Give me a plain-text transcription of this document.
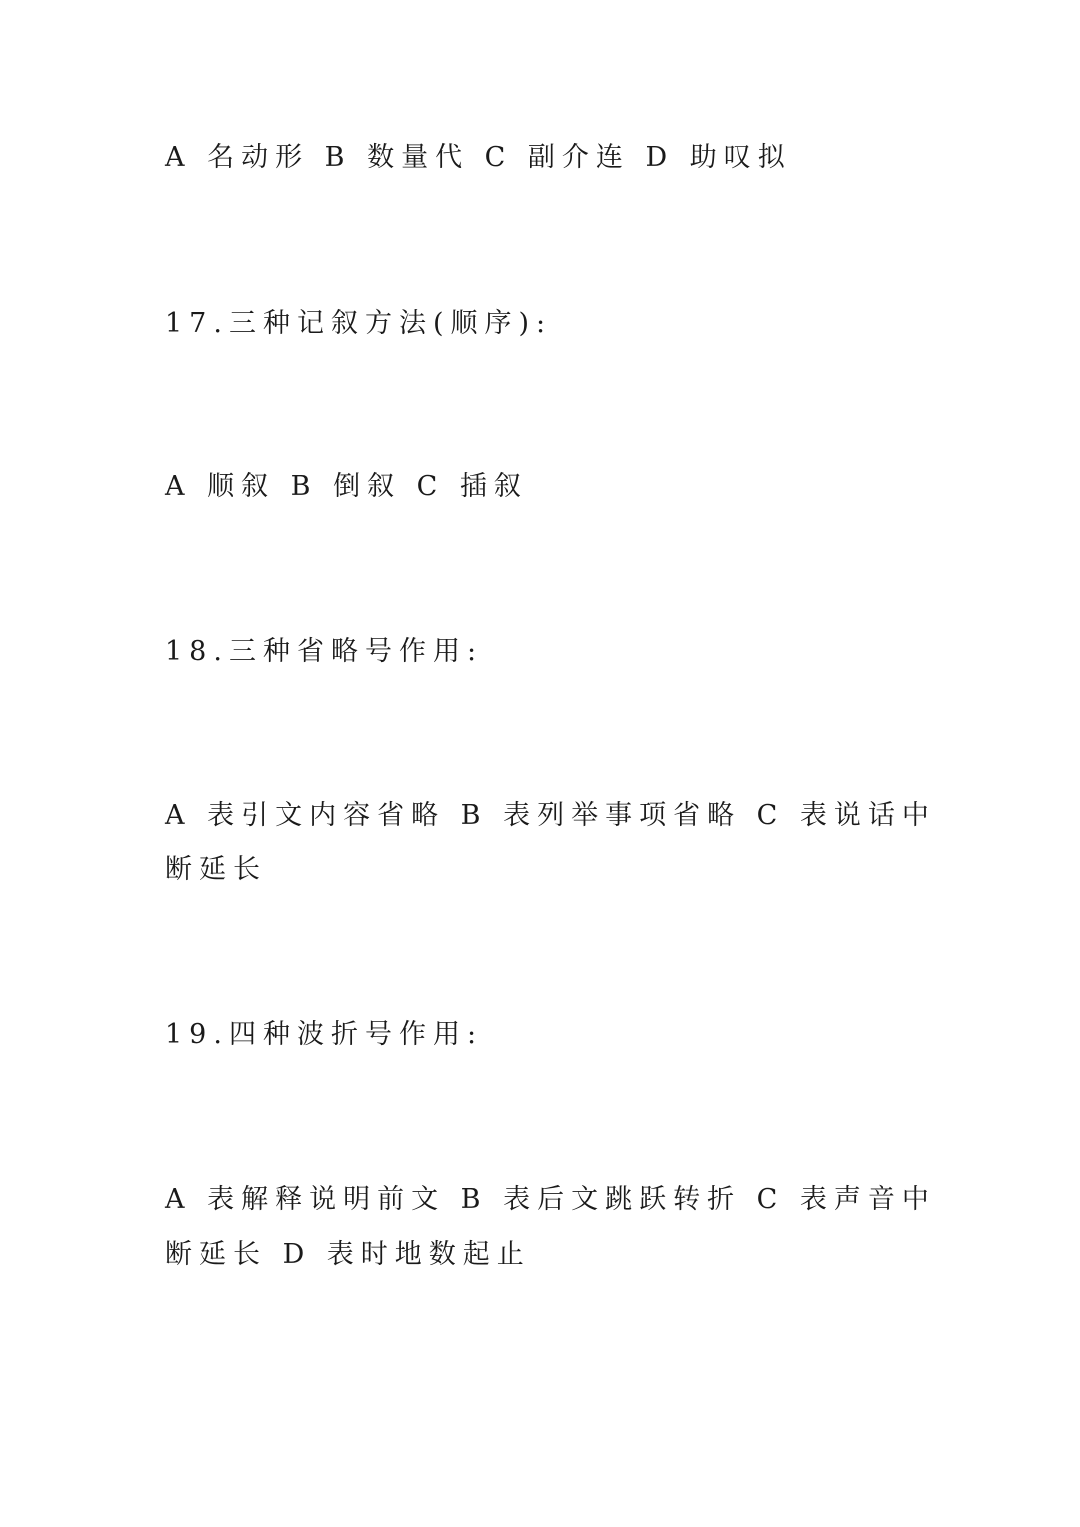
A 名动形 B 数量代 C 副介连 D 助叹拟
17.三种记叙方法(顺序):
A 顺叙 B 倒叙 C 插叙
18.三种省略号作用:
A 表引文内容省略 B 表列举事项省略 C 表说话中
断延长
19.四种波折号作用:
A 表解释说明前文 B 表后文跳跃转折 C 表声音中
断延长 D 表时地数起止
